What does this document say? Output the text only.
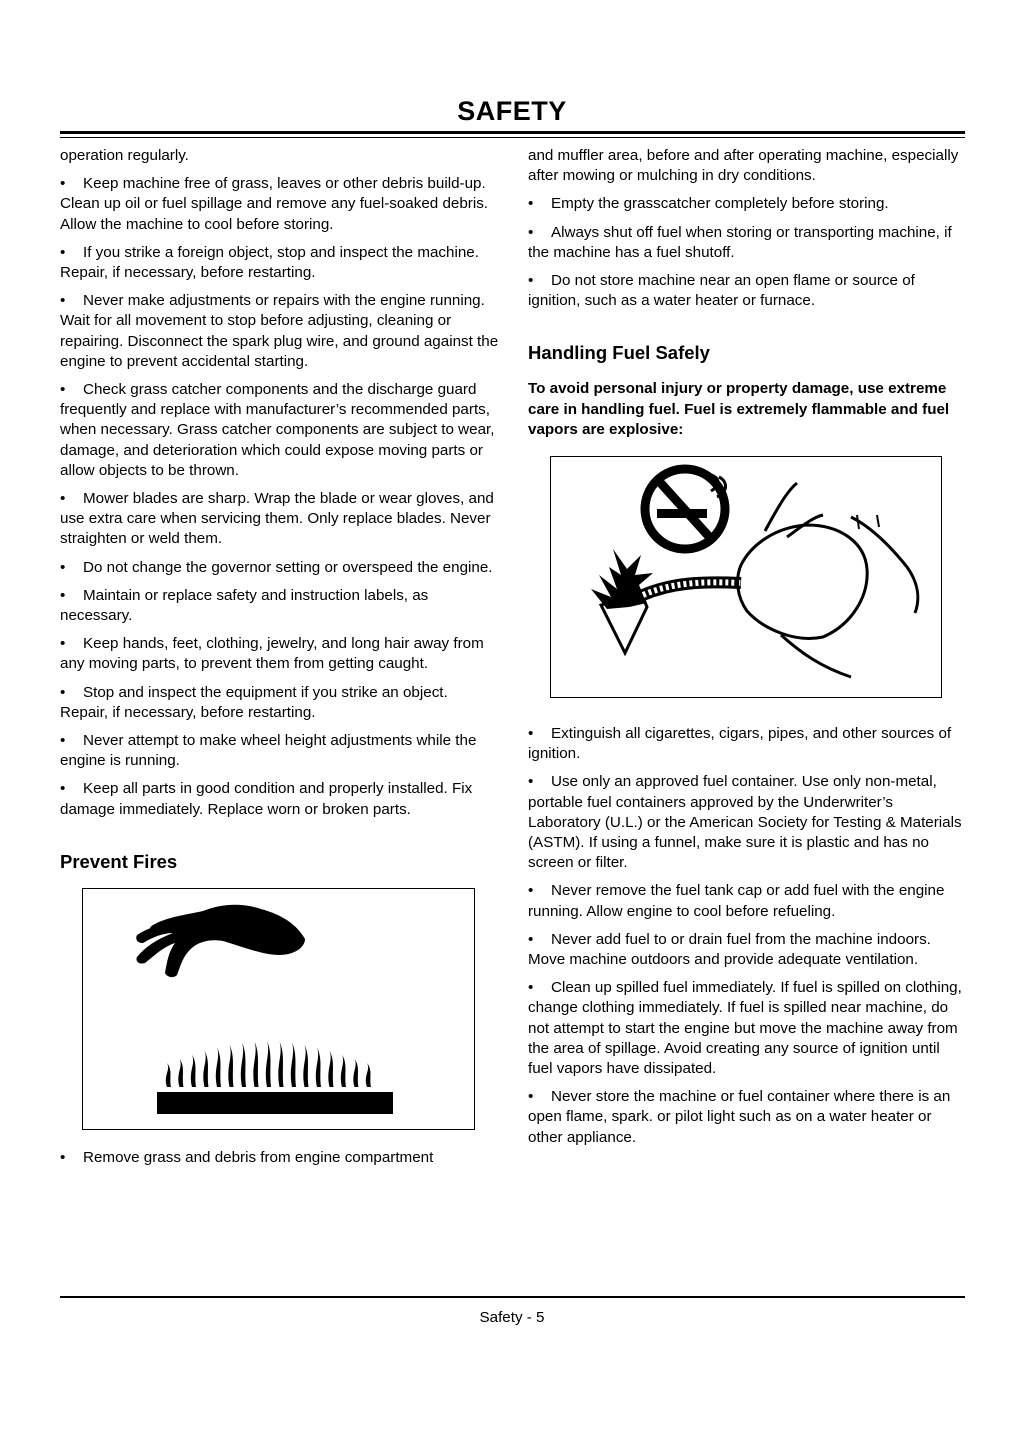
SAFETY

operation regularly.

• Keep machine free of grass, leaves or other debris build-up. Clean up oil or fuel spillage and remove any fuel-soaked debris. Allow the machine to cool before storing.

• If you strike a foreign object, stop and inspect the machine. Repair, if necessary, before restarting.

• Never make adjustments or repairs with the engine running. Wait for all movement to stop before adjusting, cleaning or repairing. Disconnect the spark plug wire, and ground against the engine to prevent accidental starting.

• Check grass catcher components and the discharge guard frequently and replace with manufacturer’s recommended parts, when necessary. Grass catcher components are subject to wear, damage, and deterioration which could expose moving parts or allow objects to be thrown.

• Mower blades are sharp. Wrap the blade or wear gloves, and use extra care when servicing them. Only replace blades. Never straighten or weld them.

• Do not change the governor setting or overspeed the engine.

• Maintain or replace safety and instruction labels, as necessary.

• Keep hands, feet, clothing, jewelry, and long hair away from any moving parts, to prevent them from getting caught.

• Stop and inspect the equipment if you strike an object. Repair, if necessary, before restarting.

• Never attempt to make wheel height adjustments while the engine is running.

• Keep all parts in good condition and properly installed. Fix damage immediately. Replace worn or broken parts.

Prevent Fires

• Remove grass and debris from engine compartment

and muffler area, before and after operating machine, especially after mowing or mulching in dry conditions.

• Empty the grasscatcher completely before storing.

• Always shut off fuel when storing or transporting machine, if the machine has a fuel shutoff.

• Do not store machine near an open flame or source of ignition, such as a water heater or furnace.

Handling Fuel Safely

To avoid personal injury or property damage, use extreme care in handling fuel. Fuel is extremely flammable and fuel vapors are explosive:

• Extinguish all cigarettes, cigars, pipes, and other sources of ignition.

• Use only an approved fuel container. Use only non-metal, portable fuel containers approved by the Underwriter’s Laboratory (U.L.) or the American Society for Testing & Materials (ASTM). If using a funnel, make sure it is plastic and has no screen or filter.

• Never remove the fuel tank cap or add fuel with the engine running. Allow engine to cool before refueling.

• Never add fuel to or drain fuel from the machine indoors. Move machine outdoors and provide adequate ventilation.

• Clean up spilled fuel immediately. If fuel is spilled on clothing, change clothing immediately. If fuel is spilled near machine, do not attempt to start the engine but move the machine away from the area of spillage. Avoid creating any source of ignition until fuel vapors have dissipated.

• Never store the machine or fuel container where there is an open flame, spark. or pilot light such as on a water heater or other appliance.

Safety - 5
